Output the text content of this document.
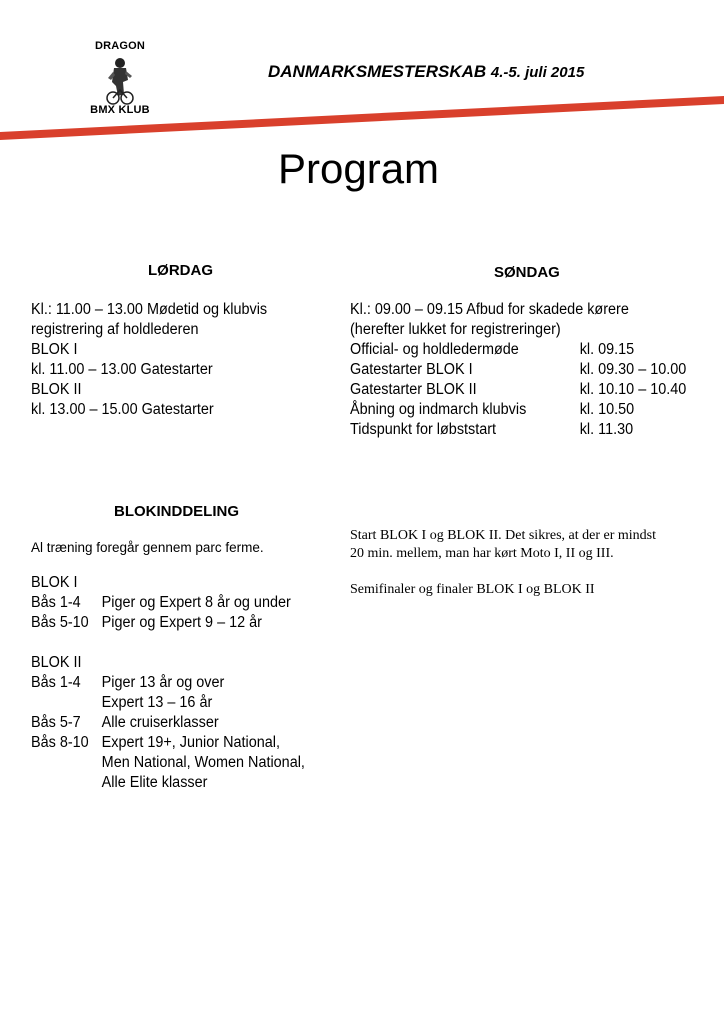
DRAGON
BMX KLUB
DANMARKSMESTERSKAB 4.-5. juli 2015
Program
LØRDAG
Kl.: 11.00 – 13.00 Mødetid og klubvis
registrering af holdlederen
BLOK I
kl. 11.00 – 13.00 Gatestarter
BLOK II
kl. 13.00 – 15.00 Gatestarter
SØNDAG
Kl.: 09.00 – 09.15 Afbud for skadede kørere
(herefter lukket for registreringer)
Official- og holdledermøde	kl. 09.15
Gatestarter BLOK I	kl. 09.30 – 10.00
Gatestarter BLOK II	kl. 10.10 – 10.40
Åbning og indmarch klubvis	kl. 10.50
Tidspunkt for løbststart	kl. 11.30
BLOKINDDELING
Al træning foregår gennem parc ferme.
BLOK I
Bås 1-4 Piger og Expert 8 år og under
Bås 5-10 Piger og Expert 9 – 12 år
BLOK II
Bås 1-4 Piger 13 år og over
Expert 13 – 16 år
Bås 5-7 Alle cruiserklasser
Bås 8-10 Expert 19+, Junior National,
Men National, Women National,
Alle Elite klasser
Start BLOK I og BLOK II. Det sikres, at der er mindst
20 min. mellem, man har kørt Moto I, II og III.
Semifinaler og finaler BLOK I og BLOK II
